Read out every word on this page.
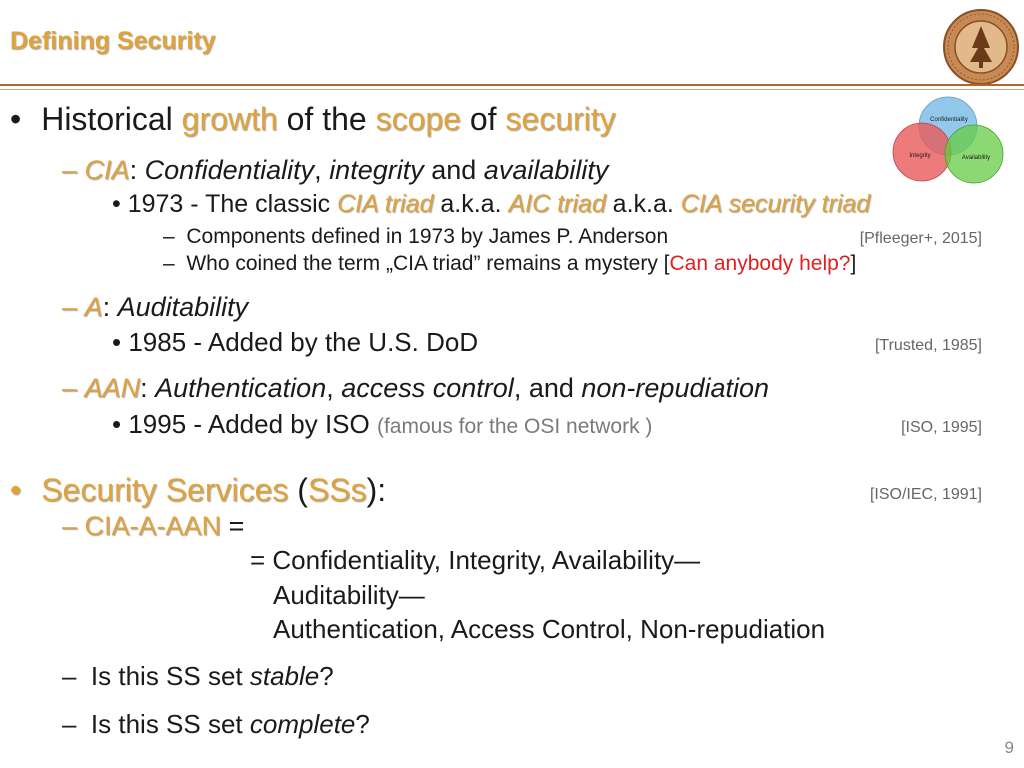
Defining Security
Confidentiality
Integrity	Availability
• Historical growth of the scope of security
– CIA: Confidentiality, integrity and availability
• 1973 - The classic CIA triad a.k.a. AIC triad a.k.a. CIA security triad
– Components defined in 1973 by James P. Anderson	[Pfleeger+, 2015]
– Who coined the term „CIA triad” remains a mystery [Can anybody help?]
– A: Auditability
• 1985 - Added by the U.S. DoD	[Trusted, 1985]
– AAN: Authentication, access control, and non-repudiation
• 1995 - Added by ISO (famous for the OSI network )	[ISO, 1995]
• Security Services (SSs):	[ISO/IEC, 1991]
– CIA-A-AAN =
= Confidentiality, Integrity, Availability—
Auditability—
Authentication, Access Control, Non-repudiation
– Is this SS set stable?
– Is this SS set complete?
9
